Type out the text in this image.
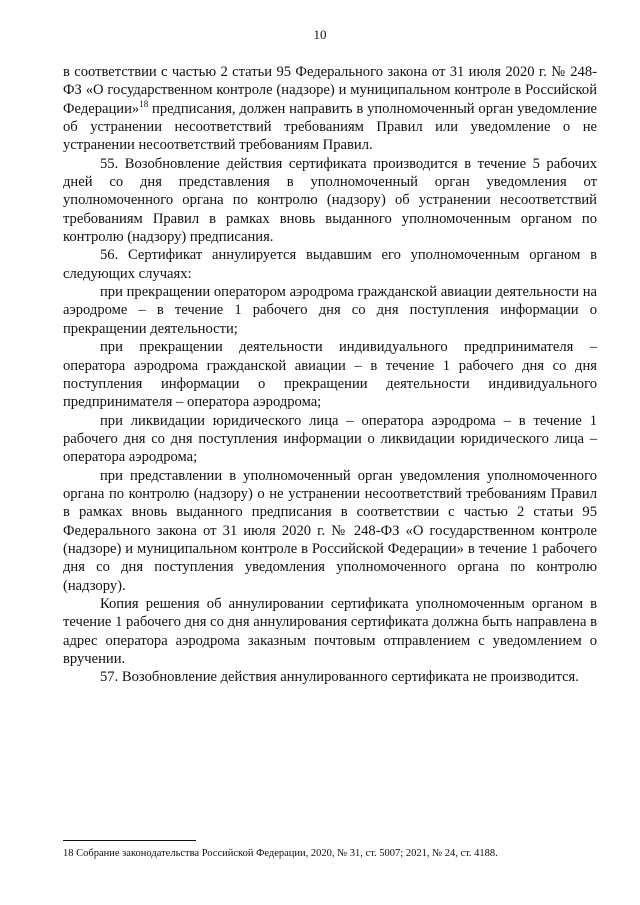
10

в соответствии с частью 2 статьи 95 Федерального закона от 31 июля 2020 г. № 248-ФЗ «О государственном контроле (надзоре) и муниципальном контроле в Российской Федерации»$^{18}$ предписания, должен направить в уполномоченный орган уведомление об устранении несоответствий требованиям Правил или уведомление о не устранении несоответствий требованиям Правил.

55. Возобновление действия сертификата производится в течение 5 рабочих дней со дня представления в уполномоченный орган уведомления от уполномоченного органа по контролю (надзору) об устранении несоответствий требованиям Правил в рамках вновь выданного уполномоченным органом по контролю (надзору) предписания.

56. Сертификат аннулируется выдавшим его уполномоченным органом в следующих случаях:

при прекращении оператором аэродрома гражданской авиации деятельности на аэродроме – в течение 1 рабочего дня со дня поступления информации о прекращении деятельности;

при прекращении деятельности индивидуального предпринимателя – оператора аэродрома гражданской авиации – в течение 1 рабочего дня со дня поступления информации о прекращении деятельности индивидуального предпринимателя – оператора аэродрома;

при ликвидации юридического лица – оператора аэродрома – в течение 1 рабочего дня со дня поступления информации о ликвидации юридического лица – оператора аэродрома;

при представлении в уполномоченный орган уведомления уполномоченного органа по контролю (надзору) о не устранении несоответствий требованиям Правил в рамках вновь выданного предписания в соответствии с частью 2 статьи 95 Федерального закона от 31 июля 2020 г. № 248-ФЗ «О государственном контроле (надзоре) и муниципальном контроле в Российской Федерации» в течение 1 рабочего дня со дня поступления уведомления уполномоченного органа по контролю (надзору).

Копия решения об аннулировании сертификата уполномоченным органом в течение 1 рабочего дня со дня аннулирования сертификата должна быть направлена в адрес оператора аэродрома заказным почтовым отправлением с уведомлением о вручении.

57. Возобновление действия аннулированного сертификата не производится.

18 Собрание законодательства Российской Федерации, 2020, № 31, ст. 5007; 2021, № 24, ст. 4188.
